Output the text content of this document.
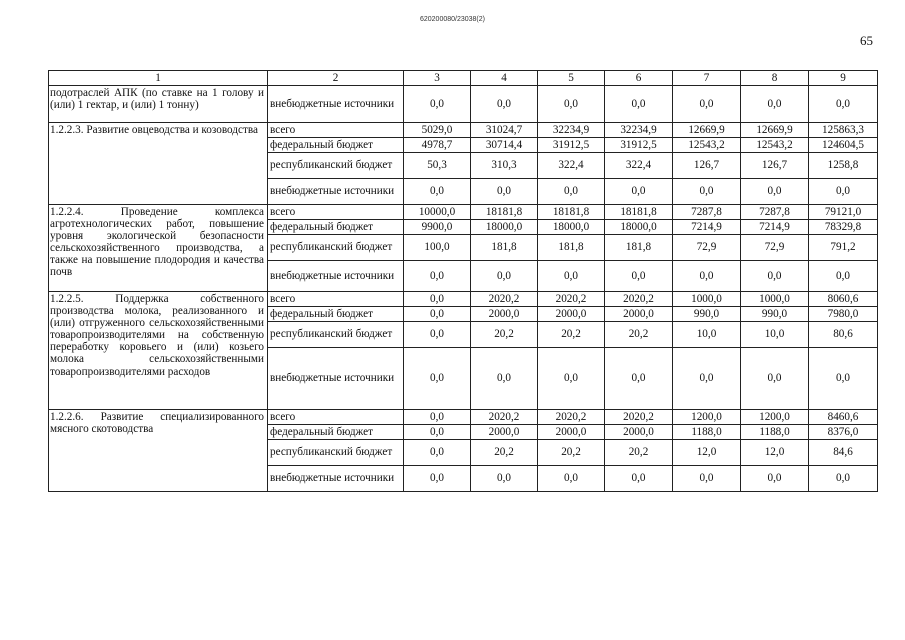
620200080/23038(2)
65
1	2	3	4	5	6	7	8	9
подотраслей АПК (по ставке на 1 голову и (или) 1 гектар, и (или) 1 тонну)	внебюджетные источники	0,0	0,0	0,0	0,0	0,0	0,0	0,0
1.2.2.3. Развитие овцеводства и козоводства	всего	5029,0	31024,7	32234,9	32234,9	12669,9	12669,9	125863,3
	федеральный бюджет	4978,7	30714,4	31912,5	31912,5	12543,2	12543,2	124604,5
	республиканский бюджет	50,3	310,3	322,4	322,4	126,7	126,7	1258,8
	внебюджетные источники	0,0	0,0	0,0	0,0	0,0	0,0	0,0
1.2.2.4. Проведение комплекса агротехнологических работ, повышение уровня экологической безопасности сельскохозяйственного производства, а также на повышение плодородия и качества почв	всего	10000,0	18181,8	18181,8	18181,8	7287,8	7287,8	79121,0
	федеральный бюджет	9900,0	18000,0	18000,0	18000,0	7214,9	7214,9	78329,8
	республиканский бюджет	100,0	181,8	181,8	181,8	72,9	72,9	791,2
	внебюджетные источники	0,0	0,0	0,0	0,0	0,0	0,0	0,0
1.2.2.5. Поддержка собственного производства молока, реализованного и (или) отгруженного сельскохозяйственными товаропроизводителями на собственную переработку коровьего и (или) козьего молока сельскохозяйственными товаропроизводителями расходов	всего	0,0	2020,2	2020,2	2020,2	1000,0	1000,0	8060,6
	федеральный бюджет	0,0	2000,0	2000,0	2000,0	990,0	990,0	7980,0
	республиканский бюджет	0,0	20,2	20,2	20,2	10,0	10,0	80,6
	внебюджетные источники	0,0	0,0	0,0	0,0	0,0	0,0	0,0
1.2.2.6. Развитие специализированного мясного скотоводства	всего	0,0	2020,2	2020,2	2020,2	1200,0	1200,0	8460,6
	федеральный бюджет	0,0	2000,0	2000,0	2000,0	1188,0	1188,0	8376,0
	республиканский бюджет	0,0	20,2	20,2	20,2	12,0	12,0	84,6
	внебюджетные источники	0,0	0,0	0,0	0,0	0,0	0,0	0,0
